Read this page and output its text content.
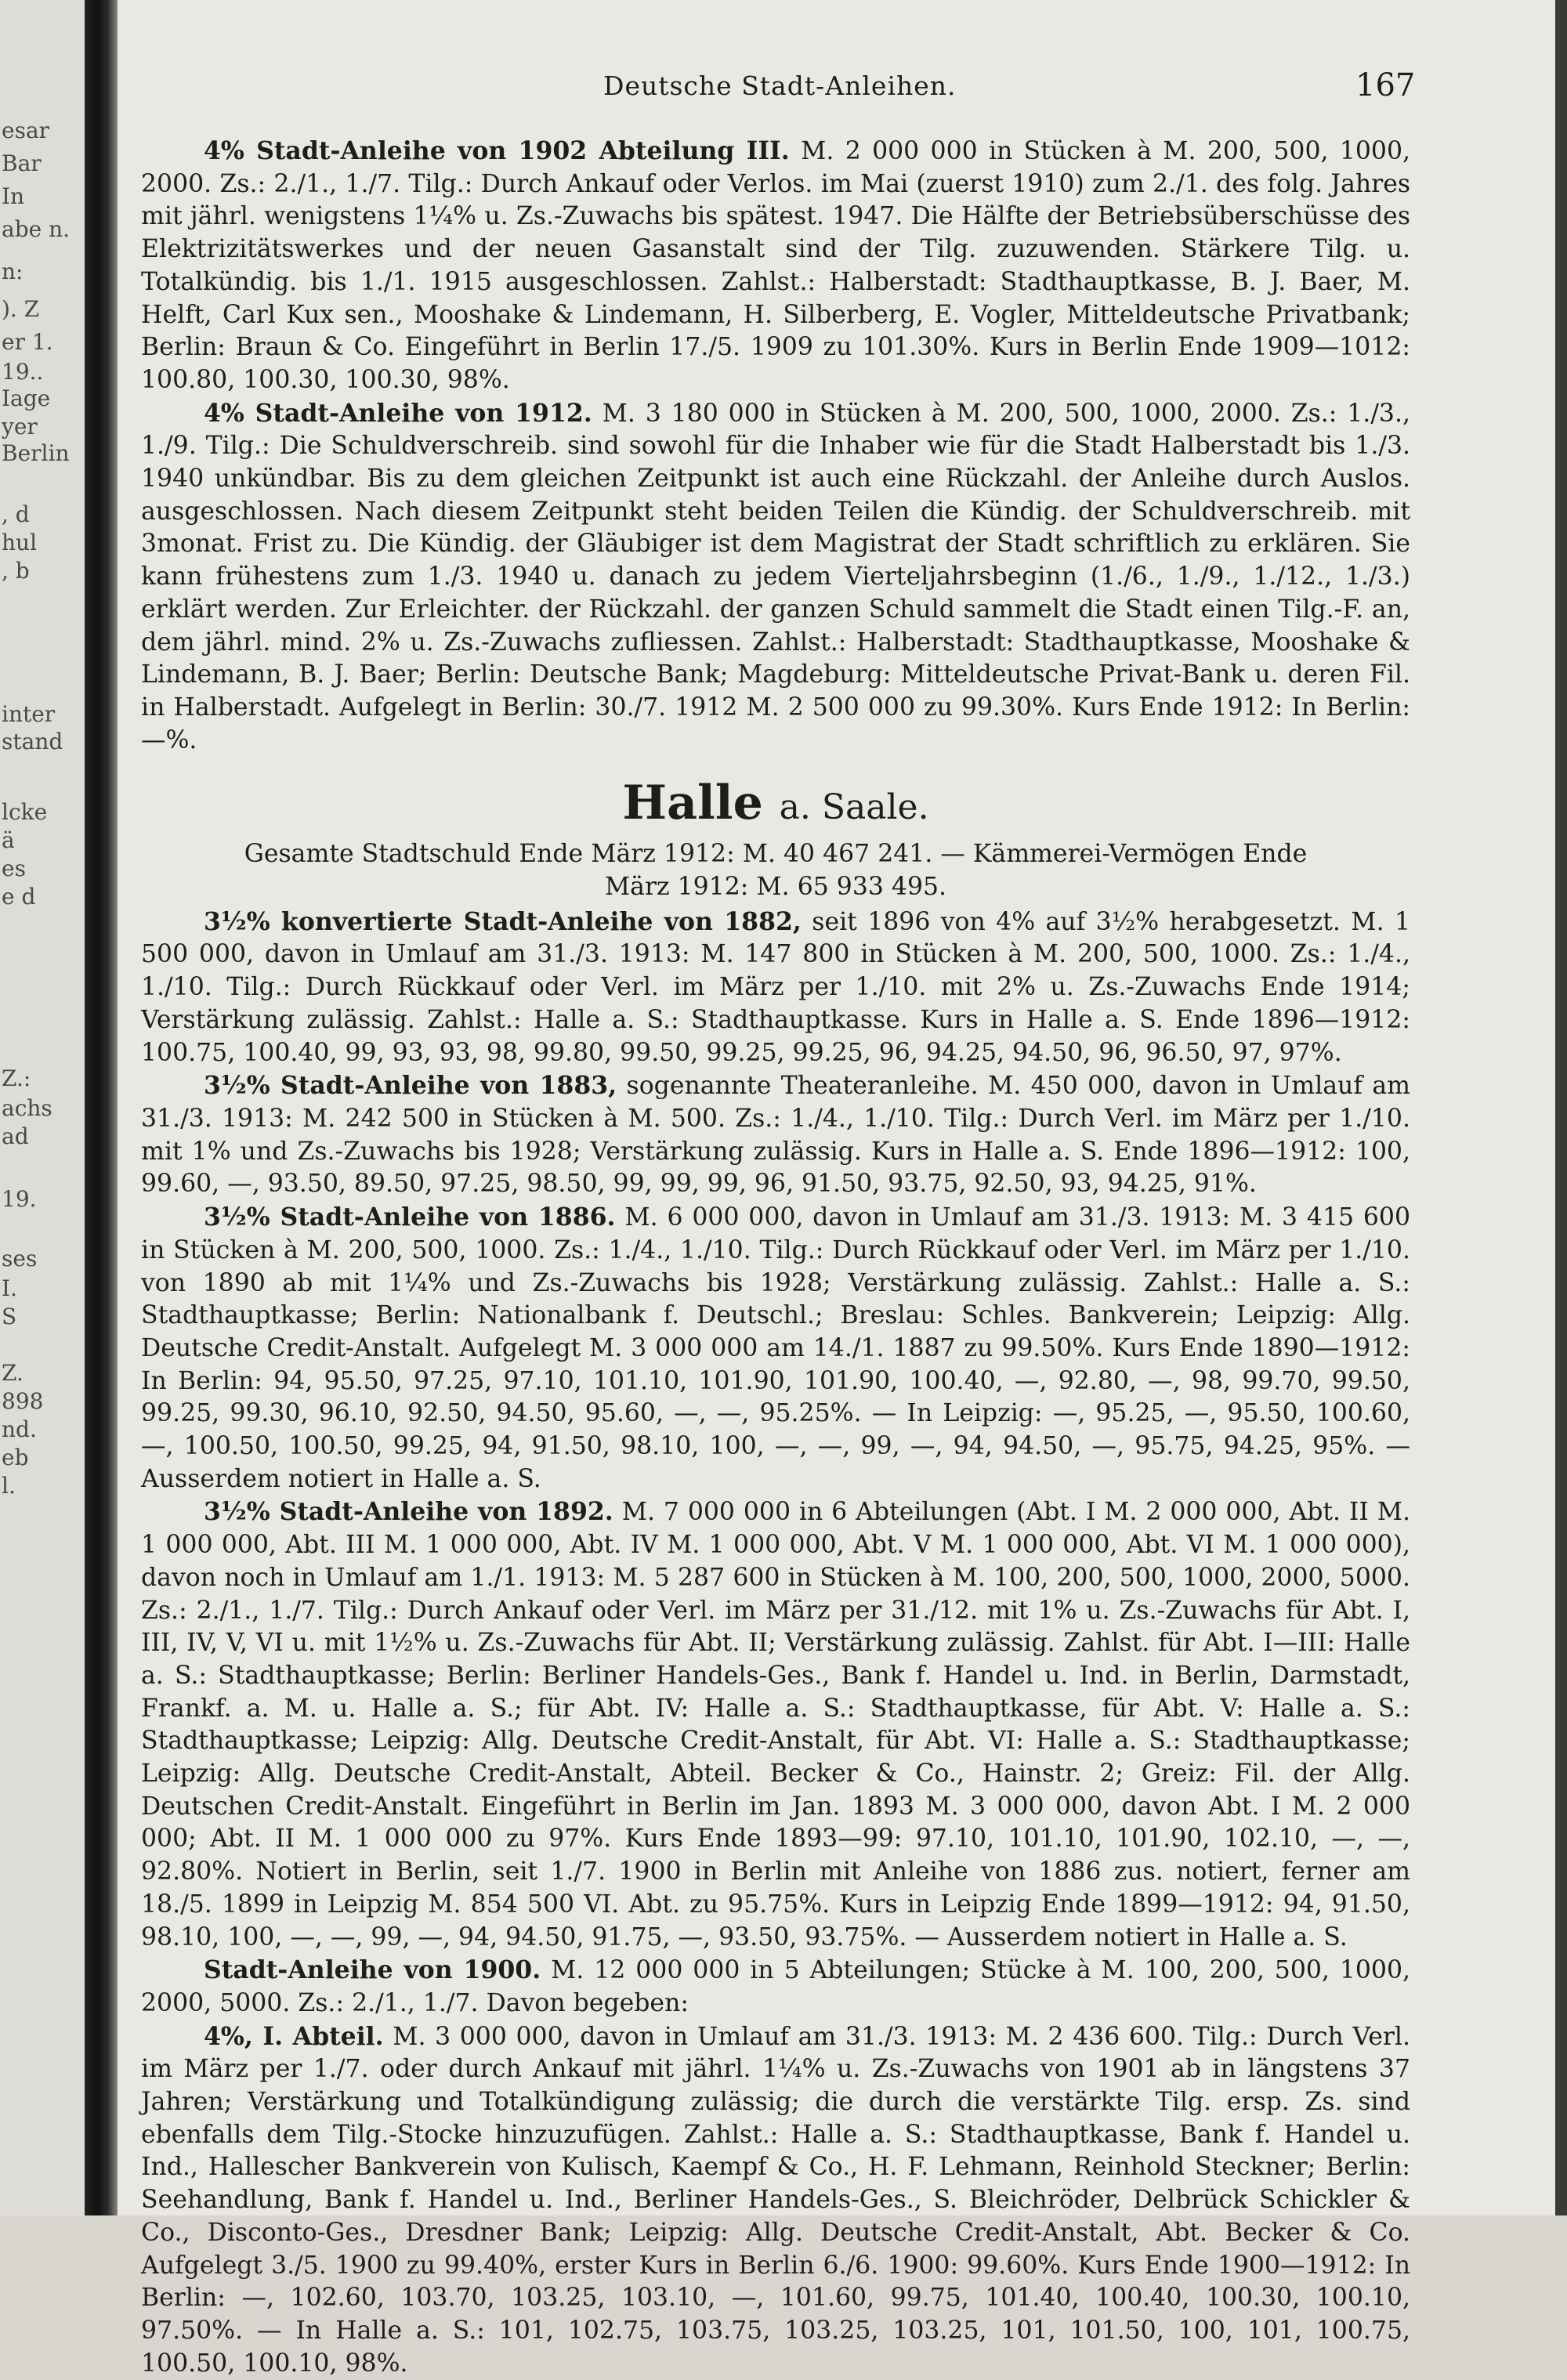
esar
Bar
In
abe n.
n:
). Z
er 1.
19..
Iage
yer
Berlin
, d
hul
, b
inter
stand
lcke
ä
es
e d
Z.:
achs
ad
19.
ses
I.
S
Z.
898
nd.
eb
l.
Deutsche Stadt-Anleihen.	167

4% Stadt-Anleihe von 1902 Abteilung III. M. 2 000 000 in Stücken à M. 200, 500, 1000, 2000. Zs.: 2./1., 1./7. Tilg.: Durch Ankauf oder Verlos. im Mai (zuerst 1910) zum 2./1. des folg. Jahres mit jährl. wenigstens 1¼% u. Zs.-Zuwachs bis spätest. 1947. Die Hälfte der Betriebsüberschüsse des Elektrizitätswerkes und der neuen Gasanstalt sind der Tilg. zuzuwenden. Stärkere Tilg. u. Totalkündig. bis 1./1. 1915 ausgeschlossen. Zahlst.: Halberstadt: Stadthauptkasse, B. J. Baer, M. Helft, Carl Kux sen., Mooshake & Lindemann, H. Silberberg, E. Vogler, Mitteldeutsche Privatbank; Berlin: Braun & Co. Eingeführt in Berlin 17./5. 1909 zu 101.30%. Kurs in Berlin Ende 1909—1012: 100.80, 100.30, 100.30, 98%.

4% Stadt-Anleihe von 1912. M. 3 180 000 in Stücken à M. 200, 500, 1000, 2000. Zs.: 1./3., 1./9. Tilg.: Die Schuldverschreib. sind sowohl für die Inhaber wie für die Stadt Halberstadt bis 1./3. 1940 unkündbar. Bis zu dem gleichen Zeitpunkt ist auch eine Rückzahl. der Anleihe durch Auslos. ausgeschlossen. Nach diesem Zeitpunkt steht beiden Teilen die Kündig. der Schuldverschreib. mit 3monat. Frist zu. Die Kündig. der Gläubiger ist dem Magistrat der Stadt schriftlich zu erklären. Sie kann frühestens zum 1./3. 1940 u. danach zu jedem Vierteljahrsbeginn (1./6., 1./9., 1./12., 1./3.) erklärt werden. Zur Erleichter. der Rückzahl. der ganzen Schuld sammelt die Stadt einen Tilg.-F. an, dem jährl. mind. 2% u. Zs.-Zuwachs zufliessen. Zahlst.: Halberstadt: Stadthauptkasse, Mooshake & Lindemann, B. J. Baer; Berlin: Deutsche Bank; Magdeburg: Mitteldeutsche Privat-Bank u. deren Fil. in Halberstadt. Aufgelegt in Berlin: 30./7. 1912 M. 2 500 000 zu 99.30%. Kurs Ende 1912: In Berlin: —%.

Halle a. Saale.
Gesamte Stadtschuld Ende März 1912: M. 40 467 241. — Kämmerei-Vermögen Ende
März 1912: M. 65 933 495.

3½% konvertierte Stadt-Anleihe von 1882, seit 1896 von 4% auf 3½% herabgesetzt. M. 1 500 000, davon in Umlauf am 31./3. 1913: M. 147 800 in Stücken à M. 200, 500, 1000. Zs.: 1./4., 1./10. Tilg.: Durch Rückkauf oder Verl. im März per 1./10. mit 2% u. Zs.-Zuwachs Ende 1914; Verstärkung zulässig. Zahlst.: Halle a. S.: Stadthauptkasse. Kurs in Halle a. S. Ende 1896—1912: 100.75, 100.40, 99, 93, 93, 98, 99.80, 99.50, 99.25, 99.25, 96, 94.25, 94.50, 96, 96.50, 97, 97%.

3½% Stadt-Anleihe von 1883, sogenannte Theateranleihe. M. 450 000, davon in Umlauf am 31./3. 1913: M. 242 500 in Stücken à M. 500. Zs.: 1./4., 1./10. Tilg.: Durch Verl. im März per 1./10. mit 1% und Zs.-Zuwachs bis 1928; Verstärkung zulässig. Kurs in Halle a. S. Ende 1896—1912: 100, 99.60, —, 93.50, 89.50, 97.25, 98.50, 99, 99, 99, 96, 91.50, 93.75, 92.50, 93, 94.25, 91%.

3½% Stadt-Anleihe von 1886. M. 6 000 000, davon in Umlauf am 31./3. 1913: M. 3 415 600 in Stücken à M. 200, 500, 1000. Zs.: 1./4., 1./10. Tilg.: Durch Rückkauf oder Verl. im März per 1./10. von 1890 ab mit 1¼% und Zs.-Zuwachs bis 1928; Verstärkung zulässig. Zahlst.: Halle a. S.: Stadthauptkasse; Berlin: Nationalbank f. Deutschl.; Breslau: Schles. Bankverein; Leipzig: Allg. Deutsche Credit-Anstalt. Aufgelegt M. 3 000 000 am 14./1. 1887 zu 99.50%. Kurs Ende 1890—1912: In Berlin: 94, 95.50, 97.25, 97.10, 101.10, 101.90, 101.90, 100.40, —, 92.80, —, 98, 99.70, 99.50, 99.25, 99.30, 96.10, 92.50, 94.50, 95.60, —, —, 95.25%. — In Leipzig: —, 95.25, —, 95.50, 100.60, —, 100.50, 100.50, 99.25, 94, 91.50, 98.10, 100, —, —, 99, —, 94, 94.50, —, 95.75, 94.25, 95%. — Ausserdem notiert in Halle a. S.

3½% Stadt-Anleihe von 1892. M. 7 000 000 in 6 Abteilungen (Abt. I M. 2 000 000, Abt. II M. 1 000 000, Abt. III M. 1 000 000, Abt. IV M. 1 000 000, Abt. V M. 1 000 000, Abt. VI M. 1 000 000), davon noch in Umlauf am 1./1. 1913: M. 5 287 600 in Stücken à M. 100, 200, 500, 1000, 2000, 5000. Zs.: 2./1., 1./7. Tilg.: Durch Ankauf oder Verl. im März per 31./12. mit 1% u. Zs.-Zuwachs für Abt. I, III, IV, V, VI u. mit 1½% u. Zs.-Zuwachs für Abt. II; Verstärkung zulässig. Zahlst. für Abt. I—III: Halle a. S.: Stadthauptkasse; Berlin: Berliner Handels-Ges., Bank f. Handel u. Ind. in Berlin, Darmstadt, Frankf. a. M. u. Halle a. S.; für Abt. IV: Halle a. S.: Stadthauptkasse, für Abt. V: Halle a. S.: Stadthauptkasse; Leipzig: Allg. Deutsche Credit-Anstalt, für Abt. VI: Halle a. S.: Stadthauptkasse; Leipzig: Allg. Deutsche Credit-Anstalt, Abteil. Becker & Co., Hainstr. 2; Greiz: Fil. der Allg. Deutschen Credit-Anstalt. Eingeführt in Berlin im Jan. 1893 M. 3 000 000, davon Abt. I M. 2 000 000; Abt. II M. 1 000 000 zu 97%. Kurs Ende 1893—99: 97.10, 101.10, 101.90, 102.10, —, —, 92.80%. Notiert in Berlin, seit 1./7. 1900 in Berlin mit Anleihe von 1886 zus. notiert, ferner am 18./5. 1899 in Leipzig M. 854 500 VI. Abt. zu 95.75%. Kurs in Leipzig Ende 1899—1912: 94, 91.50, 98.10, 100, —, —, 99, —, 94, 94.50, 91.75, —, 93.50, 93.75%. — Ausserdem notiert in Halle a. S.

Stadt-Anleihe von 1900. M. 12 000 000 in 5 Abteilungen; Stücke à M. 100, 200, 500, 1000, 2000, 5000. Zs.: 2./1., 1./7. Davon begeben:

4%, I. Abteil. M. 3 000 000, davon in Umlauf am 31./3. 1913: M. 2 436 600. Tilg.: Durch Verl. im März per 1./7. oder durch Ankauf mit jährl. 1¼% u. Zs.-Zuwachs von 1901 ab in längstens 37 Jahren; Verstärkung und Totalkündigung zulässig; die durch die verstärkte Tilg. ersp. Zs. sind ebenfalls dem Tilg.-Stocke hinzuzufügen. Zahlst.: Halle a. S.: Stadthauptkasse, Bank f. Handel u. Ind., Hallescher Bankverein von Kulisch, Kaempf & Co., H. F. Lehmann, Reinhold Steckner; Berlin: Seehandlung, Bank f. Handel u. Ind., Berliner Handels-Ges., S. Bleichröder, Delbrück Schickler & Co., Disconto-Ges., Dresdner Bank; Leipzig: Allg. Deutsche Credit-Anstalt, Abt. Becker & Co. Aufgelegt 3./5. 1900 zu 99.40%, erster Kurs in Berlin 6./6. 1900: 99.60%. Kurs Ende 1900—1912: In Berlin: —, 102.60, 103.70, 103.25, 103.10, —, 101.60, 99.75, 101.40, 100.40, 100.30, 100.10, 97.50%. — In Halle a. S.: 101, 102.75, 103.75, 103.25, 103.25, 101, 101.50, 100, 101, 100.75, 100.50, 100.10, 98%.
